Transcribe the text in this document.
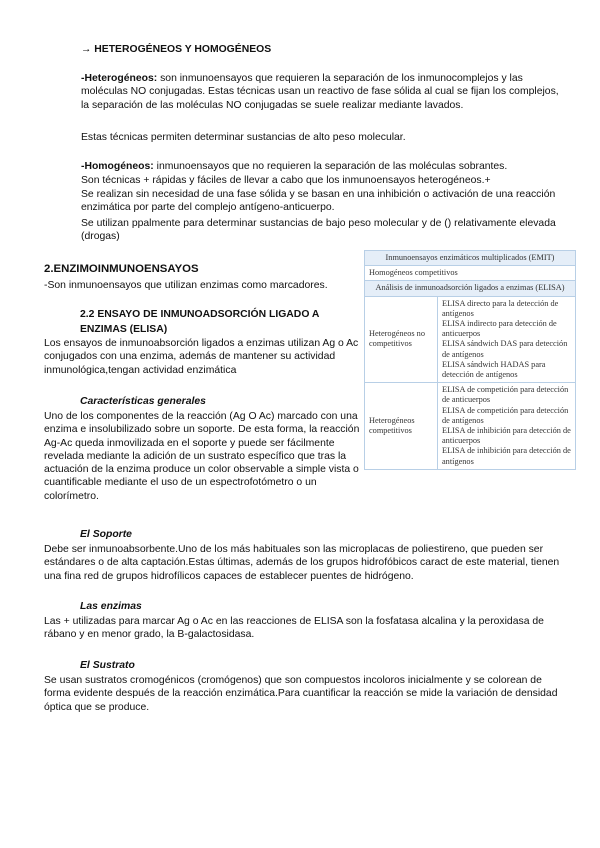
→ HETEROGÉNEOS Y HOMOGÉNEOS

-Heterogéneos: son inmunoensayos que requieren la separación de los inmunocomplejos y las moléculas NO conjugadas. Estas técnicas usan un reactivo de fase sólida al cual se fijan los complejos, la separación de las moléculas NO conjugadas se suele realizar mediante lavados.

Estas técnicas permiten determinar sustancias de alto peso molecular.

-Homogéneos: inmunoensayos que no requieren la separación de las moléculas sobrantes.

Son técnicas + rápidas y fáciles de llevar a cabo que los inmunoensayos heterogéneos.+

Se realizan sin necesidad de una fase sólida y se basan en una inhibición o activación de una reacción enzimática por parte del complejo antígeno-anticuerpo.

Se utilizan ppalmente para determinar sustancias de bajo peso molecular y de () relativamente elevada (drogas)

2.ENZIMOINMUNOENSAYOS

-Son inmunoensayos que utilizan enzimas como marcadores.

2.2 ENSAYO DE INMUNOADSORCIÓN LIGADO A ENZIMAS (ELISA)

Los ensayos de inmunoabsorción ligados a enzimas utilizan Ag o Ac conjugados con una enzima, además de mantener su actividad inmunológica,tengan actividad enzimática

Características generales

Uno de los componentes de la reacción (Ag O Ac) marcado con una enzima e insolubilizado sobre un soporte. De esta forma, la reacción Ag-Ac queda inmovilizada en el soporte y puede ser fácilmente revelada mediante la adición de un sustrato específico que tras la actuación de la enzima produce un color observable a simple vista o cuantificable mediante el uso de un espectrofotómetro o un colorímetro.

El Soporte

Debe ser inmunoabsorbente.Uno de los más habituales son las microplacas de poliestireno, que pueden ser estándares o de alta captación.Estas últimas, además de los grupos hidrofóbicos caract de este material, tienen una fina red de grupos hidrofílicos capaces de establecer puentes de hidrógeno.

Las enzimas

Las + utilizadas para marcar Ag o Ac en las reacciones de ELISA son la fosfatasa alcalina y la peroxidasa de rábano y en menor grado, la B-galactosidasa.

El Sustrato

Se usan sustratos cromogénicos (cromógenos) que son compuestos incoloros inicialmente y se colorean de forma evidente después de la reacción enzimática.Para cuantificar la reacción se mide la variación de densidad óptica que se produce.

Inmunoensayos enzimáticos multiplicados (EMIT)	
Homogéneos competitivos	
Análisis de inmunoadsorción ligados a enzimas (ELISA)	
Heterogéneos no competitivos	ELISA directo para la detección de antígenos
ELISA indirecto para detección de anticuerpos
ELISA sándwich DAS para detección de antígenos
ELISA sándwich HADAS para detección de antígenos

Heterogéneos competitivos	ELISA de competición para detección de anticuerpos
ELISA de competición para detección de antígenos
ELISA de inhibición para detección de anticuerpos
ELISA de inhibición para detección de antígenos
